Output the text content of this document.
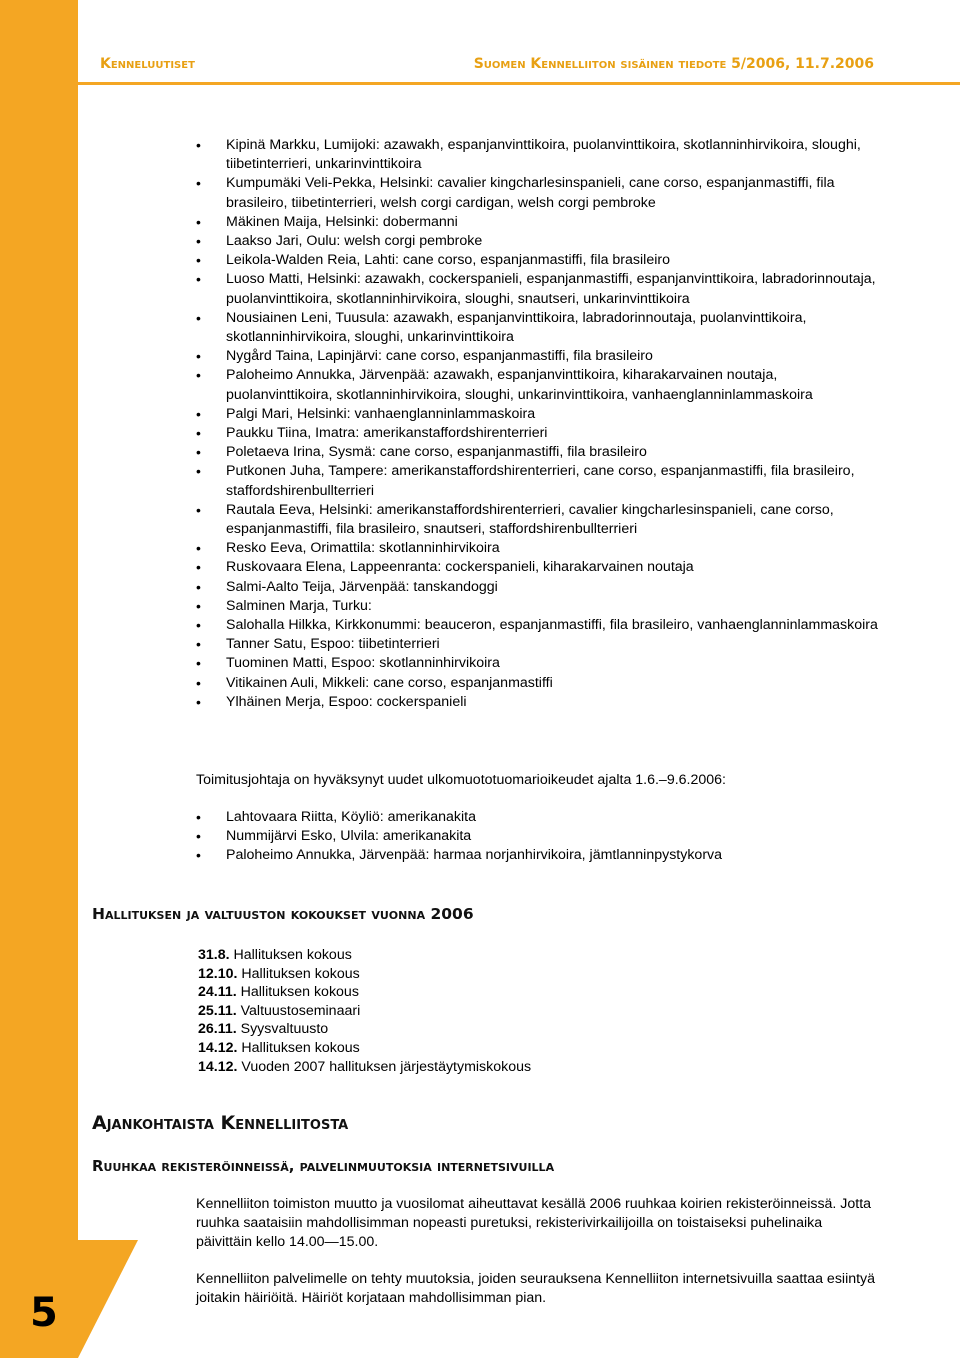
Kenneluutiset	Suomen Kennelliiton sisäinen tiedote 5/2006, 11.7.2006
• Kipinä Markku, Lumijoki: azawakh, espanjanvinttikoira, puolanvinttikoira, skotlanninhirvikoira, sloughi, tiibetinterrieri, unkarinvinttikoira
• Kumpumäki Veli-Pekka, Helsinki: cavalier kingcharlesinspanieli, cane corso, espanjanmastiffi, fila brasileiro, tiibetinterrieri, welsh corgi cardigan, welsh corgi pembroke
• Mäkinen Maija, Helsinki: dobermanni
• Laakso Jari, Oulu: welsh corgi pembroke
• Leikola-Walden Reia, Lahti: cane corso, espanjanmastiffi, fila brasileiro
• Luoso Matti, Helsinki: azawakh, cockerspanieli, espanjanmastiffi, espanjanvinttikoira, labradorinnoutaja, puolanvinttikoira, skotlanninhirvikoira, sloughi, snautseri, unkarinvinttikoira
• Nousiainen Leni, Tuusula: azawakh, espanjanvinttikoira, labradorinnoutaja, puolanvinttikoira, skotlanninhirvikoira, sloughi, unkarinvinttikoira
• Nygård Taina, Lapinjärvi: cane corso, espanjanmastiffi, fila brasileiro
• Paloheimo Annukka, Järvenpää: azawakh, espanjanvinttikoira, kiharakarvainen noutaja, puolanvinttikoira, skotlanninhirvikoira, sloughi, unkarinvinttikoira, vanhaenglanninlammaskoira
• Palgi Mari, Helsinki: vanhaenglanninlammaskoira
• Paukku Tiina, Imatra: amerikanstaffordshirenterrieri
• Poletaeva Irina, Sysmä: cane corso, espanjanmastiffi, fila brasileiro
• Putkonen Juha, Tampere: amerikanstaffordshirenterrieri, cane corso, espanjanmastiffi, fila brasileiro, staffordshirenbullterrieri
• Rautala Eeva, Helsinki: amerikanstaffordshirenterrieri, cavalier kingcharlesinspanieli, cane corso, espanjanmastiffi, fila brasileiro, snautseri, staffordshirenbullterrieri
• Resko Eeva, Orimattila: skotlanninhirvikoira
• Ruskovaara Elena, Lappeenranta: cockerspanieli, kiharakarvainen noutaja
• Salmi-Aalto Teija, Järvenpää: tanskandoggi
• Salminen Marja, Turku:
• Salohalla Hilkka, Kirkkonummi: beauceron, espanjanmastiffi, fila brasileiro, vanhaenglanninlammaskoira
• Tanner Satu, Espoo: tiibetinterrieri
• Tuominen Matti, Espoo: skotlanninhirvikoira
• Vitikainen Auli, Mikkeli: cane corso, espanjanmastiffi
• Ylhäinen Merja, Espoo: cockerspanieli
Toimitusjohtaja on hyväksynyt uudet ulkomuototuomarioikeudet ajalta 1.6.–9.6.2006:
• Lahtovaara Riitta, Köyliö: amerikanakita
• Nummijärvi Esko, Ulvila: amerikanakita
• Paloheimo Annukka, Järvenpää: harmaa norjanhirvikoira, jämtlanninpystykorva
Hallituksen ja valtuuston kokoukset vuonna 2006
31.8. Hallituksen kokous
12.10. Hallituksen kokous
24.11. Hallituksen kokous
25.11. Valtuustoseminaari
26.11. Syysvaltuusto
14.12. Hallituksen kokous
14.12. Vuoden 2007 hallituksen järjestäytymiskokous
Ajankohtaista Kennelliitosta
Ruuhkaa rekisteröinneissä, palvelinmuutoksia internetsivuilla
Kennelliiton toimiston muutto ja vuosilomat aiheuttavat kesällä 2006 ruuhkaa koirien rekisteröinneissä. Jotta ruuhka saataisiin mahdollisimman nopeasti puretuksi, rekisterivirkailijoilla on toistaiseksi puhelinaika päivittäin kello 14.00—15.00.
Kennelliiton palvelimelle on tehty muutoksia, joiden seurauksena Kennelliiton internetsivuilla saattaa esiintyä joitakin häiriöitä. Häiriöt korjataan mahdollisimman pian.
5
